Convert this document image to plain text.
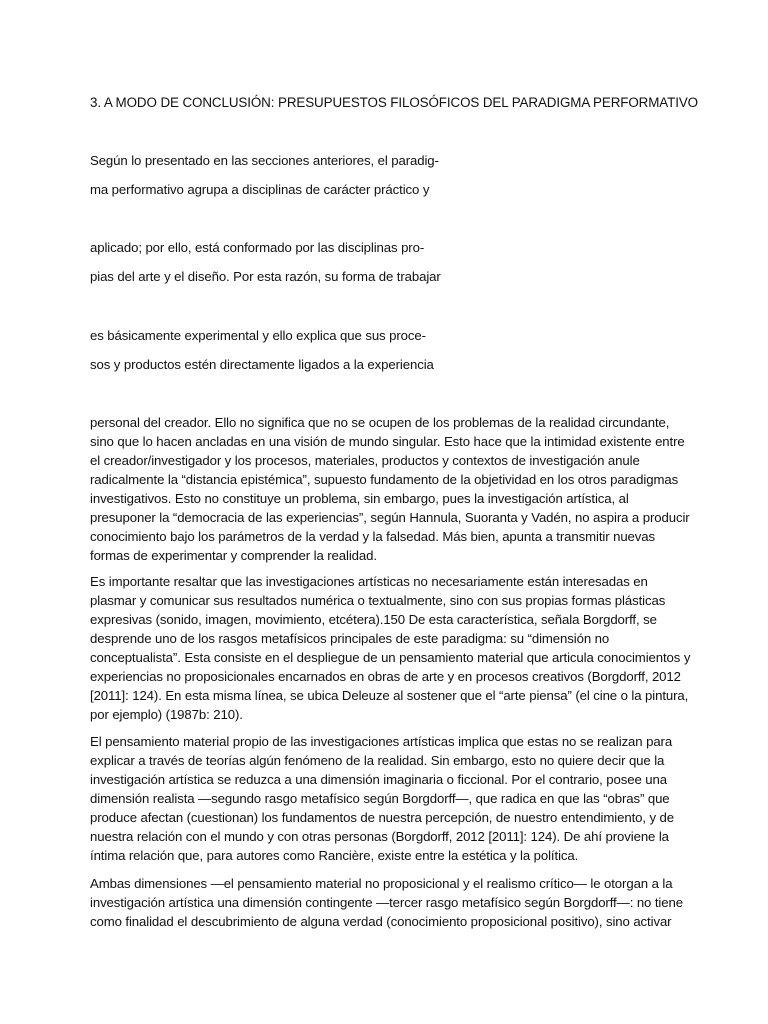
3. A MODO DE CONCLUSIÓN: PRESUPUESTOS FILOSÓFICOS DEL PARADIGMA PERFORMATIVO
Según lo presentado en las secciones anteriores, el paradig-
ma performativo agrupa a disciplinas de carácter práctico y
aplicado; por ello, está conformado por las disciplinas pro-
pias del arte y el diseño. Por esta razón, su forma de trabajar
es básicamente experimental y ello explica que sus proce-
sos y productos estén directamente ligados a la experiencia
personal del creador. Ello no significa que no se ocupen de los problemas de la realidad circundante,
sino que lo hacen ancladas en una visión de mundo singular. Esto hace que la intimidad existente entre
el creador/investigador y los procesos, materiales, productos y contextos de investigación anule
radicalmente la “distancia epistémica”, supuesto fundamento de la objetividad en los otros paradigmas
investigativos. Esto no constituye un problema, sin embargo, pues la investigación artística, al
presuponer la “democracia de las experiencias”, según Hannula, Suoranta y Vadén, no aspira a producir
conocimiento bajo los parámetros de la verdad y la falsedad. Más bien, apunta a transmitir nuevas
formas de experimentar y comprender la realidad.
Es importante resaltar que las investigaciones artísticas no necesariamente están interesadas en
plasmar y comunicar sus resultados numérica o textualmente, sino con sus propias formas plásticas
expresivas (sonido, imagen, movimiento, etcétera).150 De esta característica, señala Borgdorff, se
desprende uno de los rasgos metafísicos principales de este paradigma: su “dimensión no
conceptualista”. Esta consiste en el despliegue de un pensamiento material que articula conocimientos y
experiencias no proposicionales encarnados en obras de arte y en procesos creativos (Borgdorff, 2012
[2011]: 124). En esta misma línea, se ubica Deleuze al sostener que el “arte piensa” (el cine o la pintura,
por ejemplo) (1987b: 210).
El pensamiento material propio de las investigaciones artísticas implica que estas no se realizan para
explicar a través de teorías algún fenómeno de la realidad. Sin embargo, esto no quiere decir que la
investigación artística se reduzca a una dimensión imaginaria o ficcional. Por el contrario, posee una
dimensión realista —segundo rasgo metafísico según Borgdorff—, que radica en que las “obras” que
produce afectan (cuestionan) los fundamentos de nuestra percepción, de nuestro entendimiento, y de
nuestra relación con el mundo y con otras personas (Borgdorff, 2012 [2011]: 124). De ahí proviene la
íntima relación que, para autores como Rancière, existe entre la estética y la política.
Ambas dimensiones —el pensamiento material no proposicional y el realismo crítico— le otorgan a la
investigación artística una dimensión contingente —tercer rasgo metafísico según Borgdorff—: no tiene
como finalidad el descubrimiento de alguna verdad (conocimiento proposicional positivo), sino activar
